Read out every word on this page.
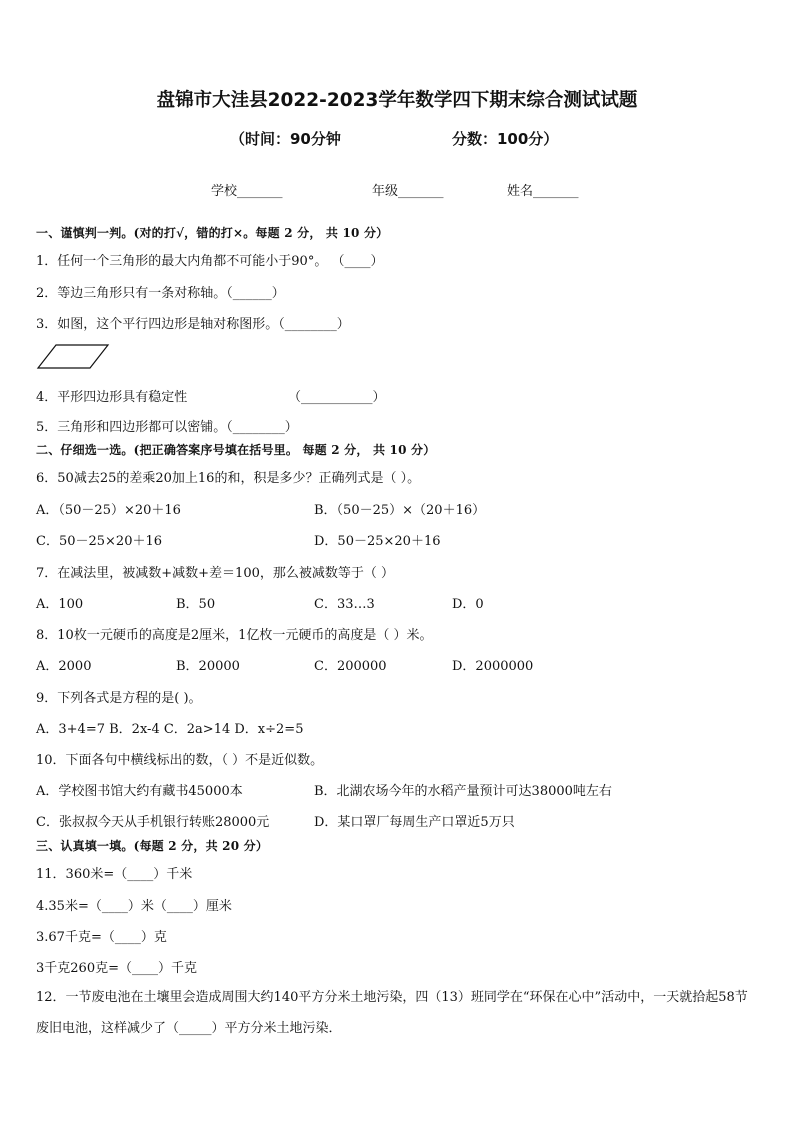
盘锦市大洼县2022-2023学年数学四下期末综合测试试题
（时间：90分钟	分数：100分）
学校_______	年级_______	姓名_______
一、谨慎判一判。(对的打√，错的打×。每题 2 分， 共 10 分）
1．任何一个三角形的最大内角都不可能小于90°。 （____）
2．等边三角形只有一条对称轴。（______）
3．如图，这个平行四边形是轴对称图形。（________）
4．平形四边形具有稳定性	（___________）
5．三角形和四边形都可以密铺。（________）
二、仔细选一选。(把正确答案序号填在括号里。 每题 2 分， 共 10 分）
6．50减去25的差乘20加上16的和，积是多少？正确列式是（ ）。
A．（50－25）×20＋16	B．（50－25）×（20＋16）
C．50－25×20＋16	D．50－25×20＋16
7．在减法里，被减数+减数+差＝100，那么被减数等于（ ）
A．100	B．50	C．33…3	D．0
8．10枚一元硬币的高度是2厘米，1亿枚一元硬币的高度是（ ）米。
A．2000	B．20000	C．200000	D．2000000
9．下列各式是方程的是( )。
A．3+4=7 B．2x-4 C．2a>14 D．x÷2=5
10．下面各句中横线标出的数，（ ）不是近似数。
A．学校图书馆大约有藏书45000本	B．北湖农场今年的水稻产量预计可达38000吨左右
C．张叔叔今天从手机银行转账28000元	D．某口罩厂每周生产口罩近5万只
三、认真填一填。(每题 2 分，共 20 分）
11．360米=（____）千米
4.35米=（____）米（____）厘米
3.67千克=（____）克
3千克260克=（____）千克
12．一节废电池在土壤里会造成周围大约140平方分米土地污染，四（13）班同学在“环保在心中”活动中，一天就拾起58节废旧电池，这样减少了（_____）平方分米土地污染．
